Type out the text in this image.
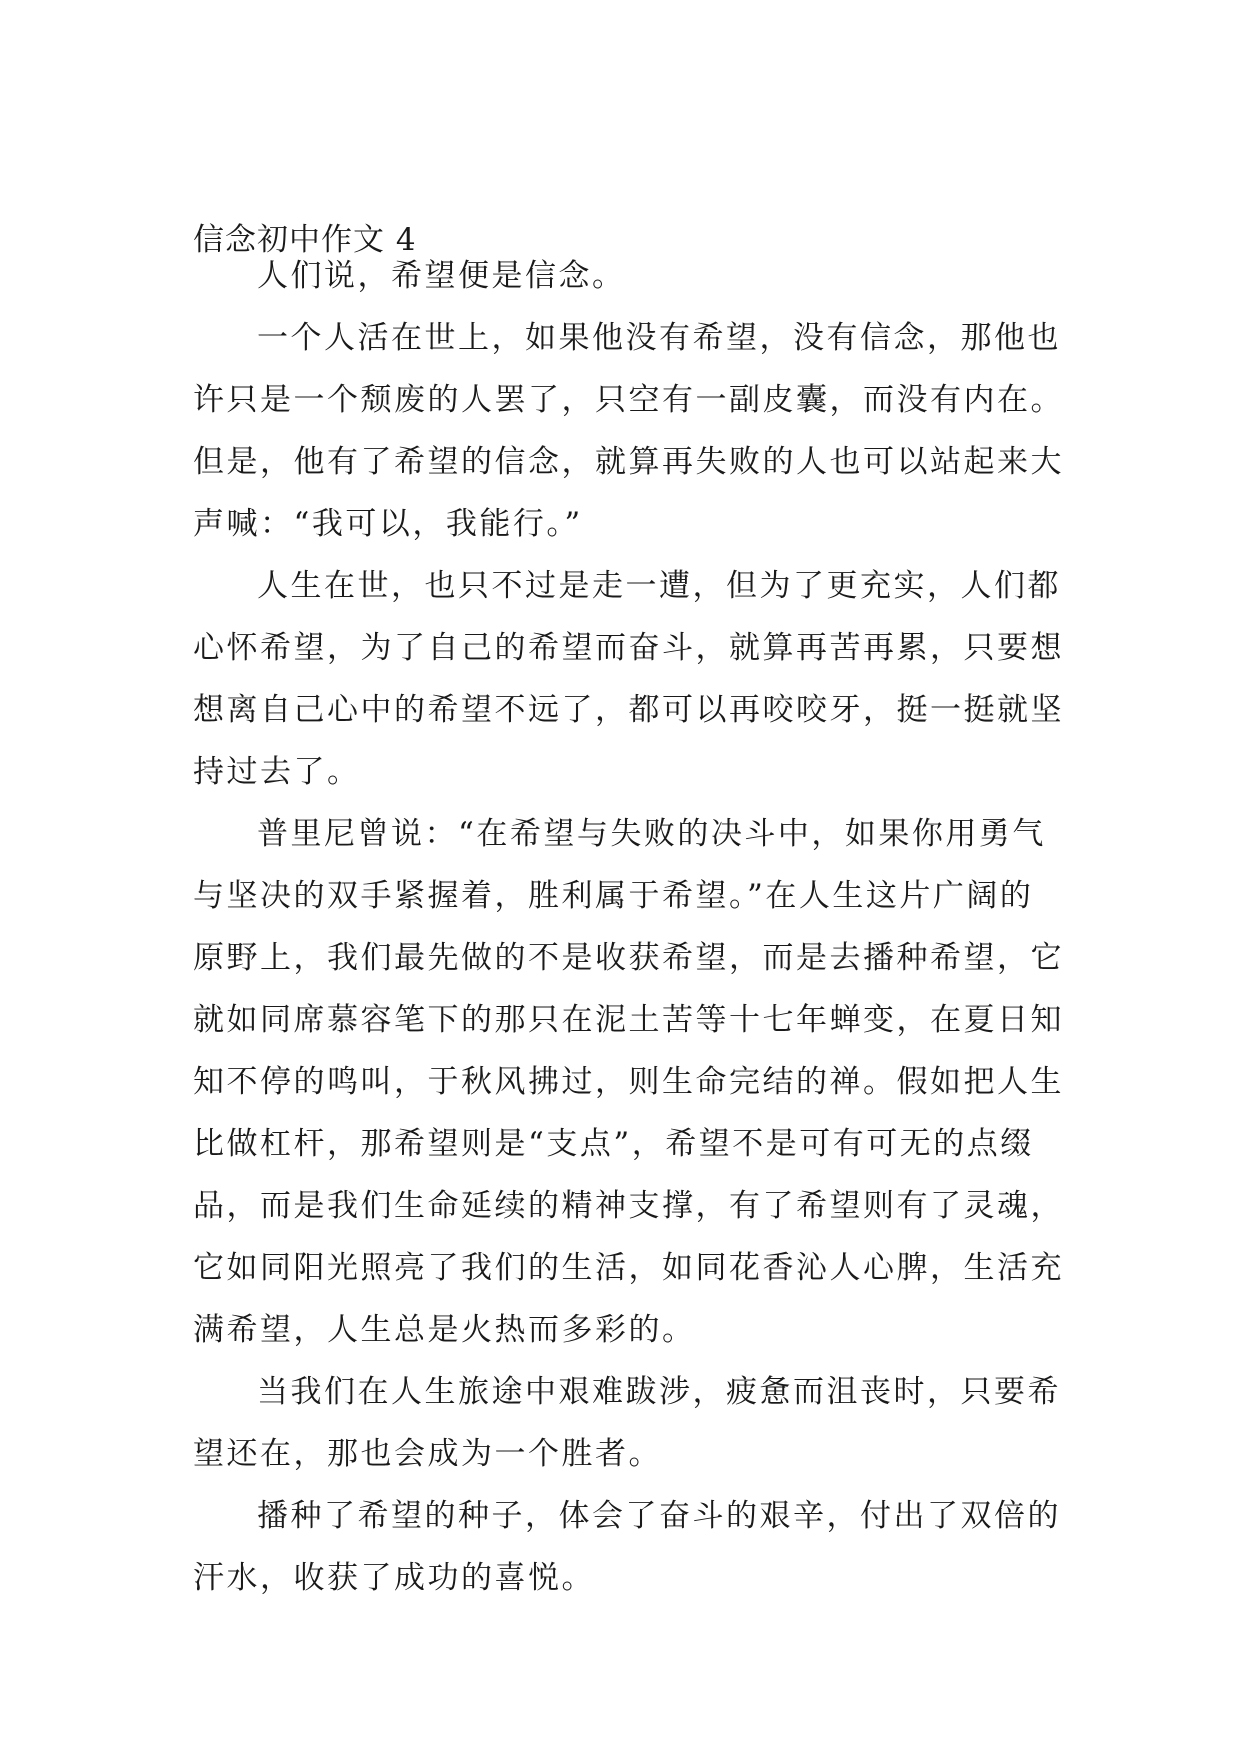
信念初中作文 4
人们说，希望便是信念。
一个人活在世上，如果他没有希望，没有信念，那他也
许只是一个颓废的人罢了，只空有一副皮囊，而没有内在。
但是，他有了希望的信念，就算再失败的人也可以站起来大
声喊：“我可以，我能行。”
人生在世，也只不过是走一遭，但为了更充实，人们都
心怀希望，为了自己的希望而奋斗，就算再苦再累，只要想
想离自己心中的希望不远了，都可以再咬咬牙，挺一挺就坚
持过去了。
普里尼曾说：“在希望与失败的决斗中，如果你用勇气
与坚决的双手紧握着，胜利属于希望。”在人生这片广阔的
原野上，我们最先做的不是收获希望，而是去播种希望，它
就如同席慕容笔下的那只在泥土苦等十七年蝉变，在夏日知
知不停的鸣叫，于秋风拂过，则生命完结的禅。假如把人生
比做杠杆，那希望则是“支点”，希望不是可有可无的点缀
品，而是我们生命延续的精神支撑，有了希望则有了灵魂，
它如同阳光照亮了我们的生活，如同花香沁人心脾，生活充
满希望，人生总是火热而多彩的。
当我们在人生旅途中艰难跋涉，疲惫而沮丧时，只要希
望还在，那也会成为一个胜者。
播种了希望的种子，体会了奋斗的艰辛，付出了双倍的
汗水，收获了成功的喜悦。
